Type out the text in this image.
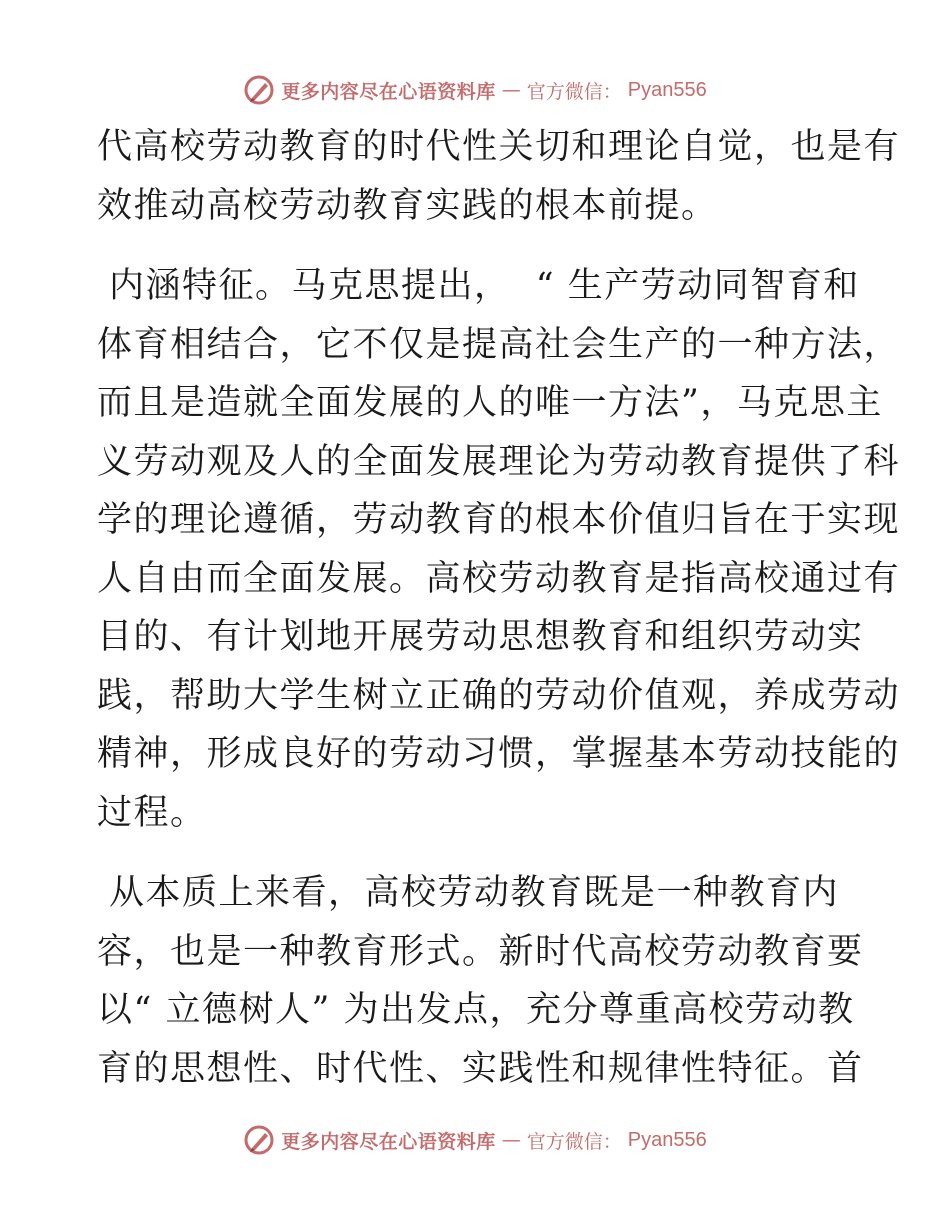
更多内容尽在心语资料库 — 官方微信： Pyan556
代高校劳动教育的时代性关切和理论自觉，也是有
效推动高校劳动教育实践的根本前提。
内涵特征。马克思提出，  “ 生产劳动同智育和
体育相结合，它不仅是提高社会生产的一种方法，
而且是造就全面发展的人的唯一方法”，马克思主
义劳动观及人的全面发展理论为劳动教育提供了科
学的理论遵循，劳动教育的根本价值归旨在于实现
人自由而全面发展。高校劳动教育是指高校通过有
目的、有计划地开展劳动思想教育和组织劳动实
践，帮助大学生树立正确的劳动价值观，养成劳动
精神，形成良好的劳动习惯，掌握基本劳动技能的
过程。
从本质上来看，高校劳动教育既是一种教育内
容，也是一种教育形式。新时代高校劳动教育要
以“ 立德树人” 为出发点，充分尊重高校劳动教
育的思想性、时代性、实践性和规律性特征。首
更多内容尽在心语资料库 — 官方微信： Pyan556
